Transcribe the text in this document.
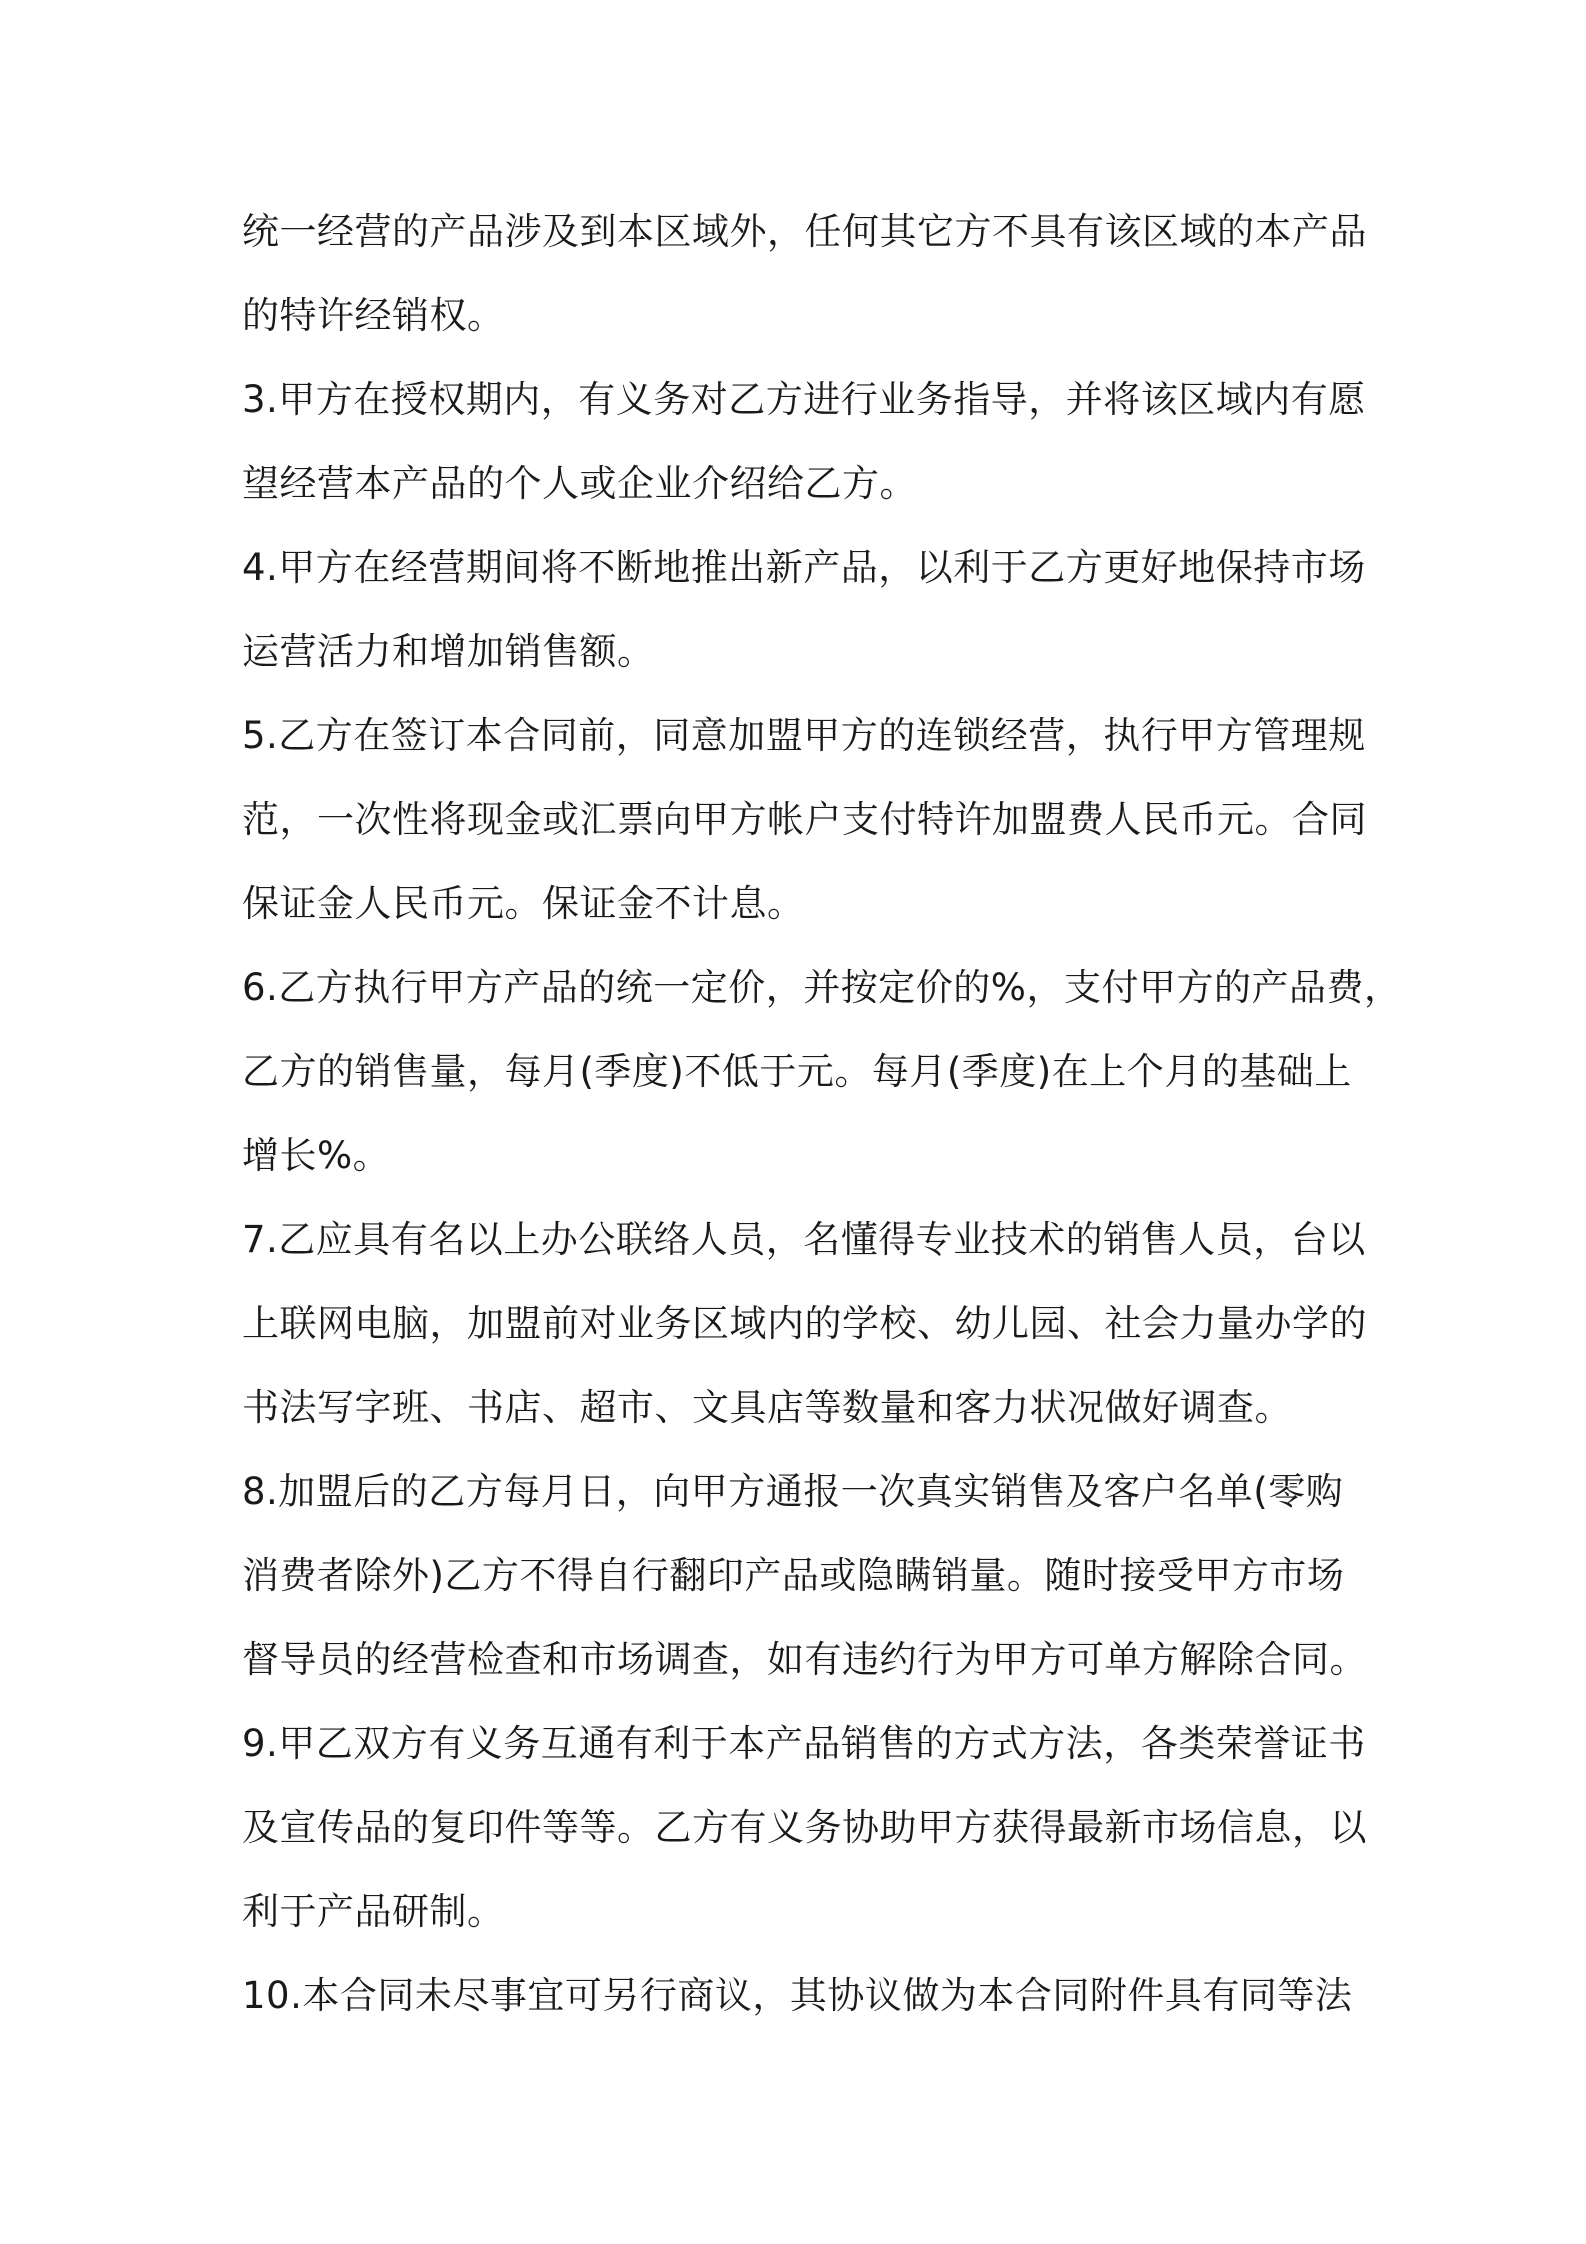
统一经营的产品涉及到本区域外，任何其它方不具有该区域的本产品
的特许经销权。
3.甲方在授权期内，有义务对乙方进行业务指导，并将该区域内有愿
望经营本产品的个人或企业介绍给乙方。
4.甲方在经营期间将不断地推出新产品，以利于乙方更好地保持市场
运营活力和增加销售额。
5.乙方在签订本合同前，同意加盟甲方的连锁经营，执行甲方管理规
范，一次性将现金或汇票向甲方帐户支付特许加盟费人民币元。合同
保证金人民币元。保证金不计息。
6.乙方执行甲方产品的统一定价，并按定价的%，支付甲方的产品费，
乙方的销售量，每月(季度)不低于元。每月(季度)在上个月的基础上
增长%。
7.乙应具有名以上办公联络人员，名懂得专业技术的销售人员，台以
上联网电脑，加盟前对业务区域内的学校、幼儿园、社会力量办学的
书法写字班、书店、超市、文具店等数量和客力状况做好调查。
8.加盟后的乙方每月日，向甲方通报一次真实销售及客户名单(零购
消费者除外)乙方不得自行翻印产品或隐瞒销量。随时接受甲方市场
督导员的经营检查和市场调查，如有违约行为甲方可单方解除合同。
9.甲乙双方有义务互通有利于本产品销售的方式方法，各类荣誉证书
及宣传品的复印件等等。乙方有义务协助甲方获得最新市场信息，以
利于产品研制。
10.本合同未尽事宜可另行商议，其协议做为本合同附件具有同等法
